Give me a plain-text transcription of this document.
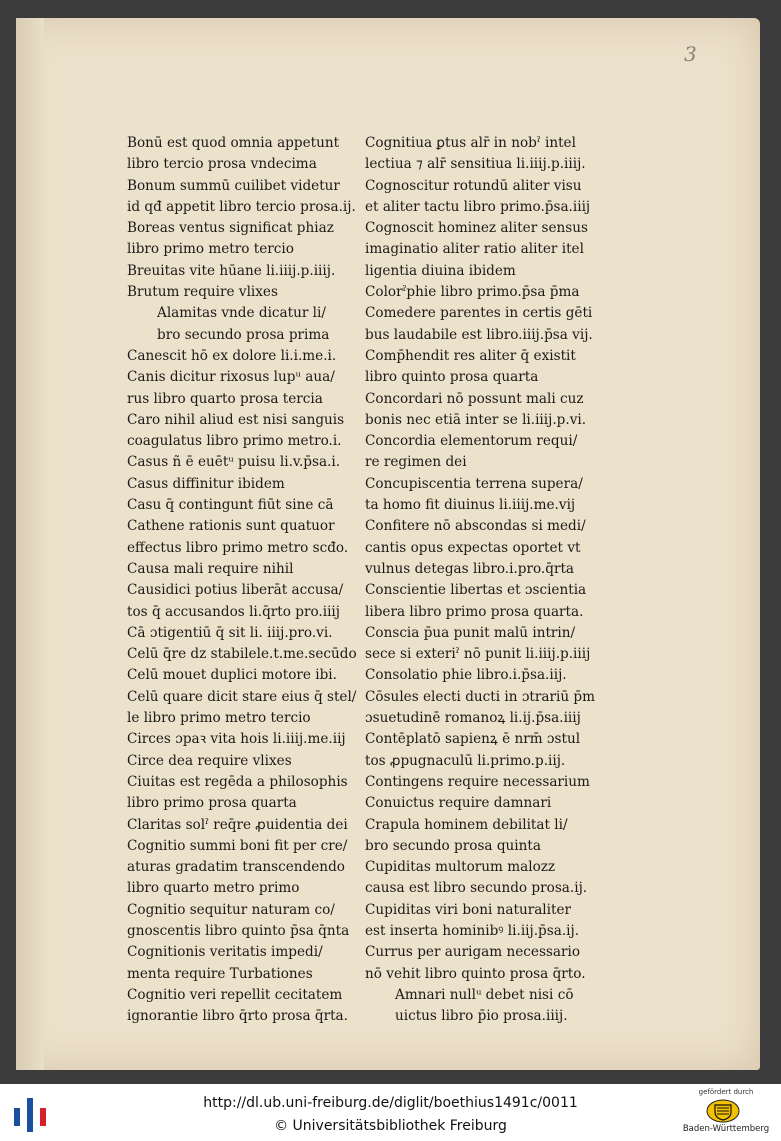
3
Bonū est quod omnia appetunt
libro tercio prosa vndecima
Bonum summū cuilibet videtur
id qđ appetit libro tercio prosa.ij.
Boreas ventus significat phiaz
libro primo metro tercio
Breuitas vite hūane li.iiij.p.iiij.
Brutum require vlixes
Alamitas vnde dicatur li/
bro secundo prosa prima
Canescit hō ex dolore li.i.me.i.
Canis dicitur rixosus lupᵘ aua/
rus libro quarto prosa tercia
Caro nihil aliud est nisi sanguis
coagulatus libro primo metro.i.
Casus ñ ē euētᵘ puisu li.v.p̄sa.i.
Casus diffinitur ibidem
Casu q̄ contingunt fiūt sine cā
Cathene rationis sunt quatuor
effectus libro primo metro scđo.
Causa mali require nihil
Causidici potius liberāt accusa/
tos q̄ accusandos li.q̄rto pro.iiij
Cā ɔtigentiū q̄ sit li. iiij.pro.vi.
Celū q̄re dz stabilele.t.me.secūdo
Celū mouet duplici motore ibi.
Celū quare dicit stare eius q̄ stel/
le libro primo metro tercio
Circes ɔpaꝛ vita hois li.iiij.me.iij
Circe dea require vlixes
Ciuitas est regēda a philosophis
libro primo prosa quarta
Claritas solˀ req̄re ꝓuidentia dei
Cognitio summi boni fit per cre/
aturas gradatim transcendendo
libro quarto metro primo
Cognitio sequitur naturam co/
gnoscentis libro quinto p̄sa q̄nta
Cognitionis veritatis impedi/
menta require Turbationes
Cognitio veri repellit cecitatem
ignorantie libro q̄rto prosa q̄rta.
Cognitiua ꝑtus alr̄ in nobˀ intel
lectiua ⁊ alr̄ sensitiua li.iiij.p.iiij.
Cognoscitur rotundū aliter visu
et aliter tactu libro primo.p̄sa.iiij
Cognoscit hominez aliter sensus
imaginatio aliter ratio aliter itel
ligentia diuina ibidem
Colorˀphie libro primo.p̄sa p̄ma
Comedere parentes in certis gēti
bus laudabile est libro.iiij.p̄sa vij.
Comp̄hendit res aliter q̄ existit
libro quinto prosa quarta
Concordari nō possunt mali cuz
bonis nec etiā inter se li.iiij.p.vi.
Concordia elementorum requi/
re regimen dei
Concupiscentia terrena supera/
ta homo fit diuinus li.iiij.me.vij
Confitere nō abscondas si medi/
cantis opus expectas oportet vt
vulnus detegas libro.i.pro.q̄rta
Conscientie libertas et ɔscientia
libera libro primo prosa quarta.
Conscia p̄ua punit malū intrin/
sece si exteriˀ nō punit li.iiij.p.iiij
Consolatio phie libro.i.p̄sa.iij.
Cōsules electi ducti in ɔtrariū p̄m
ɔsuetudinē romanoꝝ li.ij.p̄sa.iiij
Contēplatō sapienꝝ ē nrm̄ ɔstul
tos ꝓpugnaculū li.primo.p.iij.
Contingens require necessarium
Conuictus require damnari
Crapula hominem debilitat li/
bro secundo prosa quinta
Cupiditas multorum malozz
causa est libro secundo prosa.ij.
Cupiditas viri boni naturaliter
est inserta hominibꝰ li.iij.p̄sa.ij.
Currus per aurigam necessario
nō vehit libro quinto prosa q̄rto.
Amnari nullᵘ debet nisi cō
uictus libro p̄io prosa.iiij.
http://dl.ub.uni-freiburg.de/diglit/boethius1491c/0011
© Universitätsbibliothek Freiburg
gefördert durch
Baden-Württemberg
